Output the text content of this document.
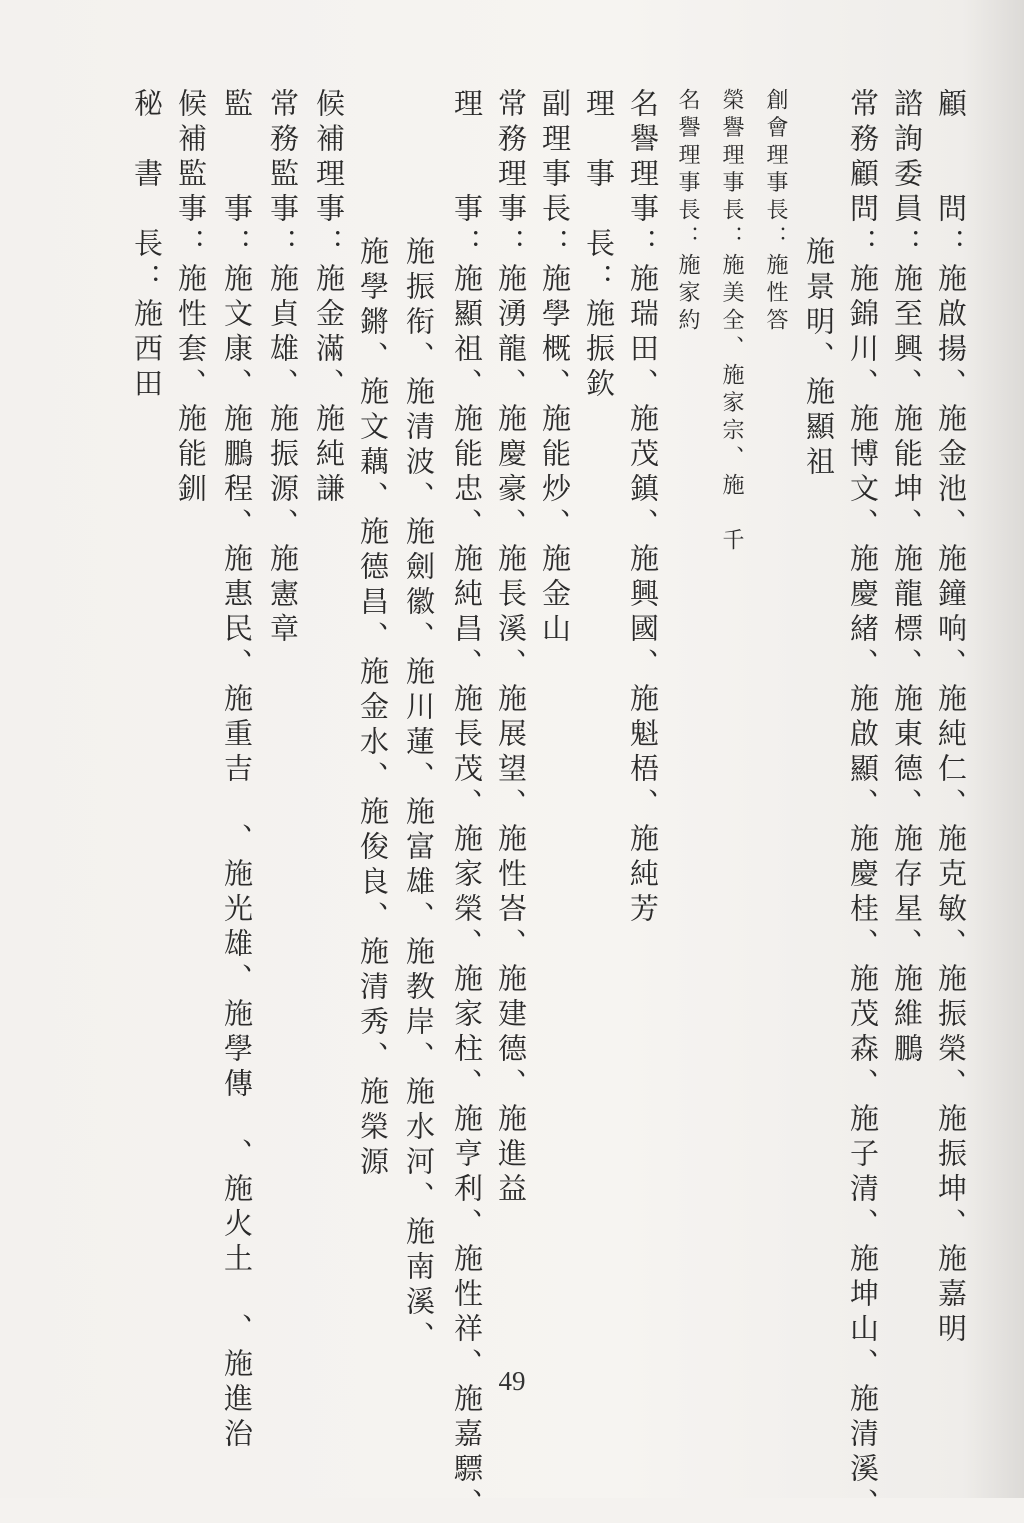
顧　　問：施啟揚、施金池、施鐘响、施純仁、施克敏、施振榮、施振坤、施嘉明
諮詢委員：施至興、施能坤、施龍標、施東德、施存星、施維鵬
常務顧問：施錦川、施博文、施慶緒、施啟顯、施慶桂、施茂森、施子清、施坤山、施清溪、
施景明、施顯祖
創會理事長：施性答
榮譽理事長：施美全、施家宗、施　千
名譽理事長：施家約
名譽理事：施瑞田、施茂鎮、施興國、施魁梧、施純芳
理　事　長：施振欽
副理事長：施學概、施能炒、施金山
常務理事：施湧龍、施慶豪、施長溪、施展望、施性峇、施建德、施進益
理　　事：施顯祖、施能忠、施純昌、施長茂、施家榮、施家柱、施亨利、施性祥、施嘉驃、
施振衔、施清波、施劍徽、施川蓮、施富雄、施教岸、施水河、施南溪、
施學鏘、施文藕、施德昌、施金水、施俊良、施清秀、施榮源
候補理事：施金滿、施純謙
常務監事：施貞雄、施振源、施憲章
監　　事：施文康、施鵬程、施惠民、施重吉　、施光雄、施學傳　、施火土　、施進治
候補監事：施性套、施能釧
秘　書　長：施西田
49
